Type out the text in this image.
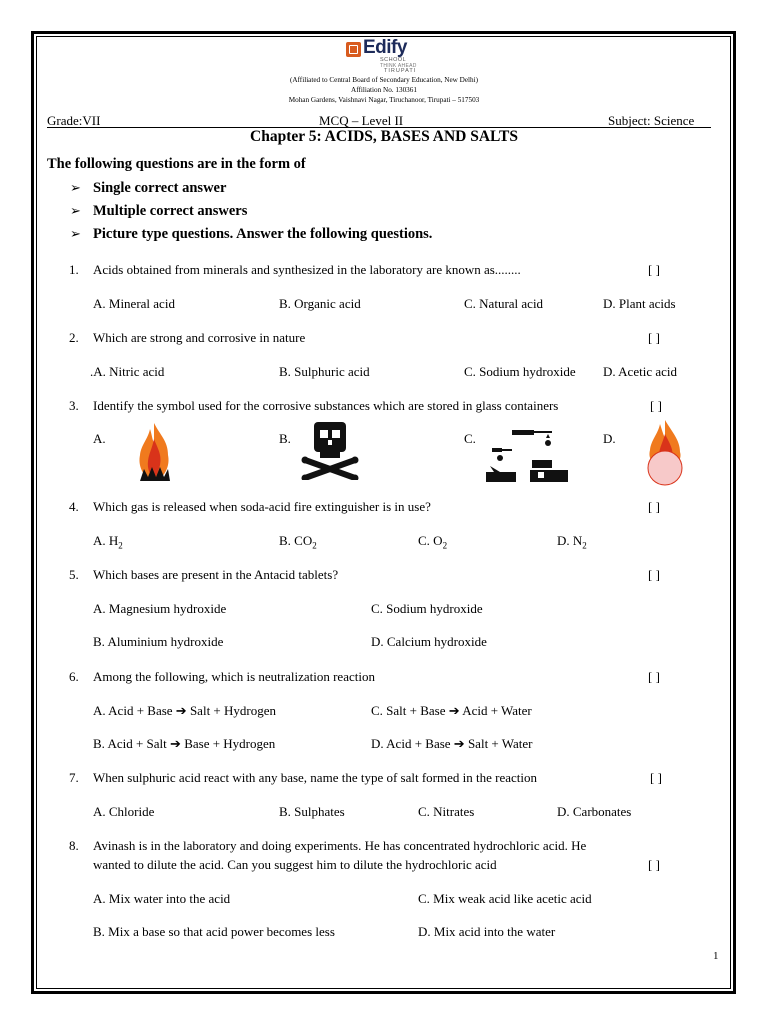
Edify
SCHOOL
THINK AHEAD
TIRUPATI
(Affiliated to Central Board of Secondary Education, New Delhi)
Affiliation No. 130361
Mohan Gardens, Vaishnavi Nagar, Tiruchanoor, Tirupati – 517503
Grade:VII	MCQ – Level II	Subject: Science
Chapter 5: ACIDS, BASES AND SALTS
The following questions are in the form of
➢ Single correct answer
➢ Multiple correct answers
➢ Picture type questions. Answer the following questions.
1. Acids obtained from minerals and synthesized in the laboratory are known as........	[ ]
A. Mineral acid	B. Organic acid	C. Natural acid	D. Plant acids
2. Which are strong and corrosive in nature	[ ]
.A. Nitric acid	B. Sulphuric acid	C. Sodium hydroxide D. Acetic acid
3. Identify the symbol used for the corrosive substances which are stored in glass containers	[ ]
A.	B.	C.	D.
4. Which gas is released when soda-acid fire extinguisher is in use?	[ ]
A. $H_2$	B. $CO_2$	C. $O_2$	D. $N_2$
5. Which bases are present in the Antacid tablets?	[ ]
A. Magnesium hydroxide	C. Sodium hydroxide
B. Aluminium hydroxide	D. Calcium hydroxide
6. Among the following, which is neutralization reaction	[ ]
A. Acid + Base ➔ Salt + Hydrogen	C. Salt + Base ➔ Acid + Water
B. Acid + Salt ➔ Base + Hydrogen	D. Acid + Base ➔ Salt + Water
7. When sulphuric acid react with any base, name the type of salt formed in the reaction	[ ]
A. Chloride	B. Sulphates	C. Nitrates	D. Carbonates
8. Avinash is in the laboratory and doing experiments. He has concentrated hydrochloric acid. He
wanted to dilute the acid. Can you suggest him to dilute the hydrochloric acid	[ ]
A. Mix water into the acid	C. Mix weak acid like acetic acid
B. Mix a base so that acid power becomes less	D. Mix acid into the water
1
